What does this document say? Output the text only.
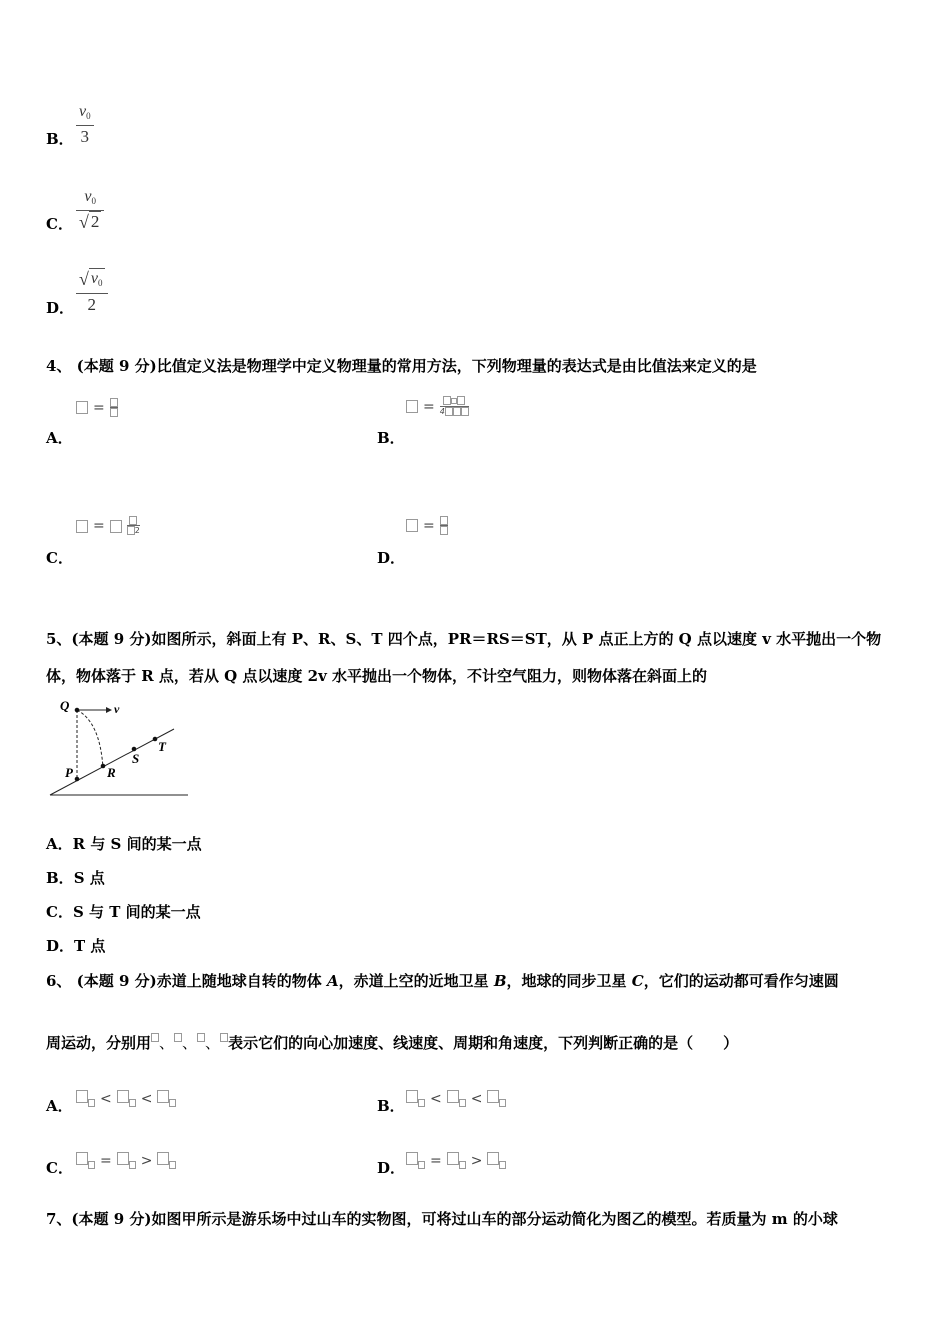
B． $\frac{v_0}{3}$
C． $\frac{v_0}{√ 2}$
D． $\frac{√ v_0}{2}$
4、 (本题 9 分)比值定义法是物理学中定义物理量的常用方法，下列物理量的表达式是由比值法来定义的是
A．
=
B．
= 4
C．
=	2
D．
=
5、(本题 9 分)如图所示，斜面上有 P、R、S、T 四个点，PR＝RS＝ST，从 P 点正上方的 Q 点以速度 v 水平抛出一个物
体，物体落于 R 点，若从 Q 点以速度 2v 水平抛出一个物体，不计空气阻力，则物体落在斜面上的
Q	v
P	R
S
T
A．R 与 S 间的某一点
B．S 点
C．S 与 T 间的某一点
D．T 点
6、 (本题 9 分)赤道上随地球自转的物体 A，赤道上空的近地卫星 B，地球的同步卫星 C，它们的运动都可看作匀速圆
周运动，分别用 、 、 、 表示它们的向心加速度、线速度、周期和角速度，下列判断正确的是（　　）
A． < <	B． < <
C． = >	D． = >
7、(本题 9 分)如图甲所示是游乐场中过山车的实物图，可将过山车的部分运动简化为图乙的模型。若质量为 m 的小球
